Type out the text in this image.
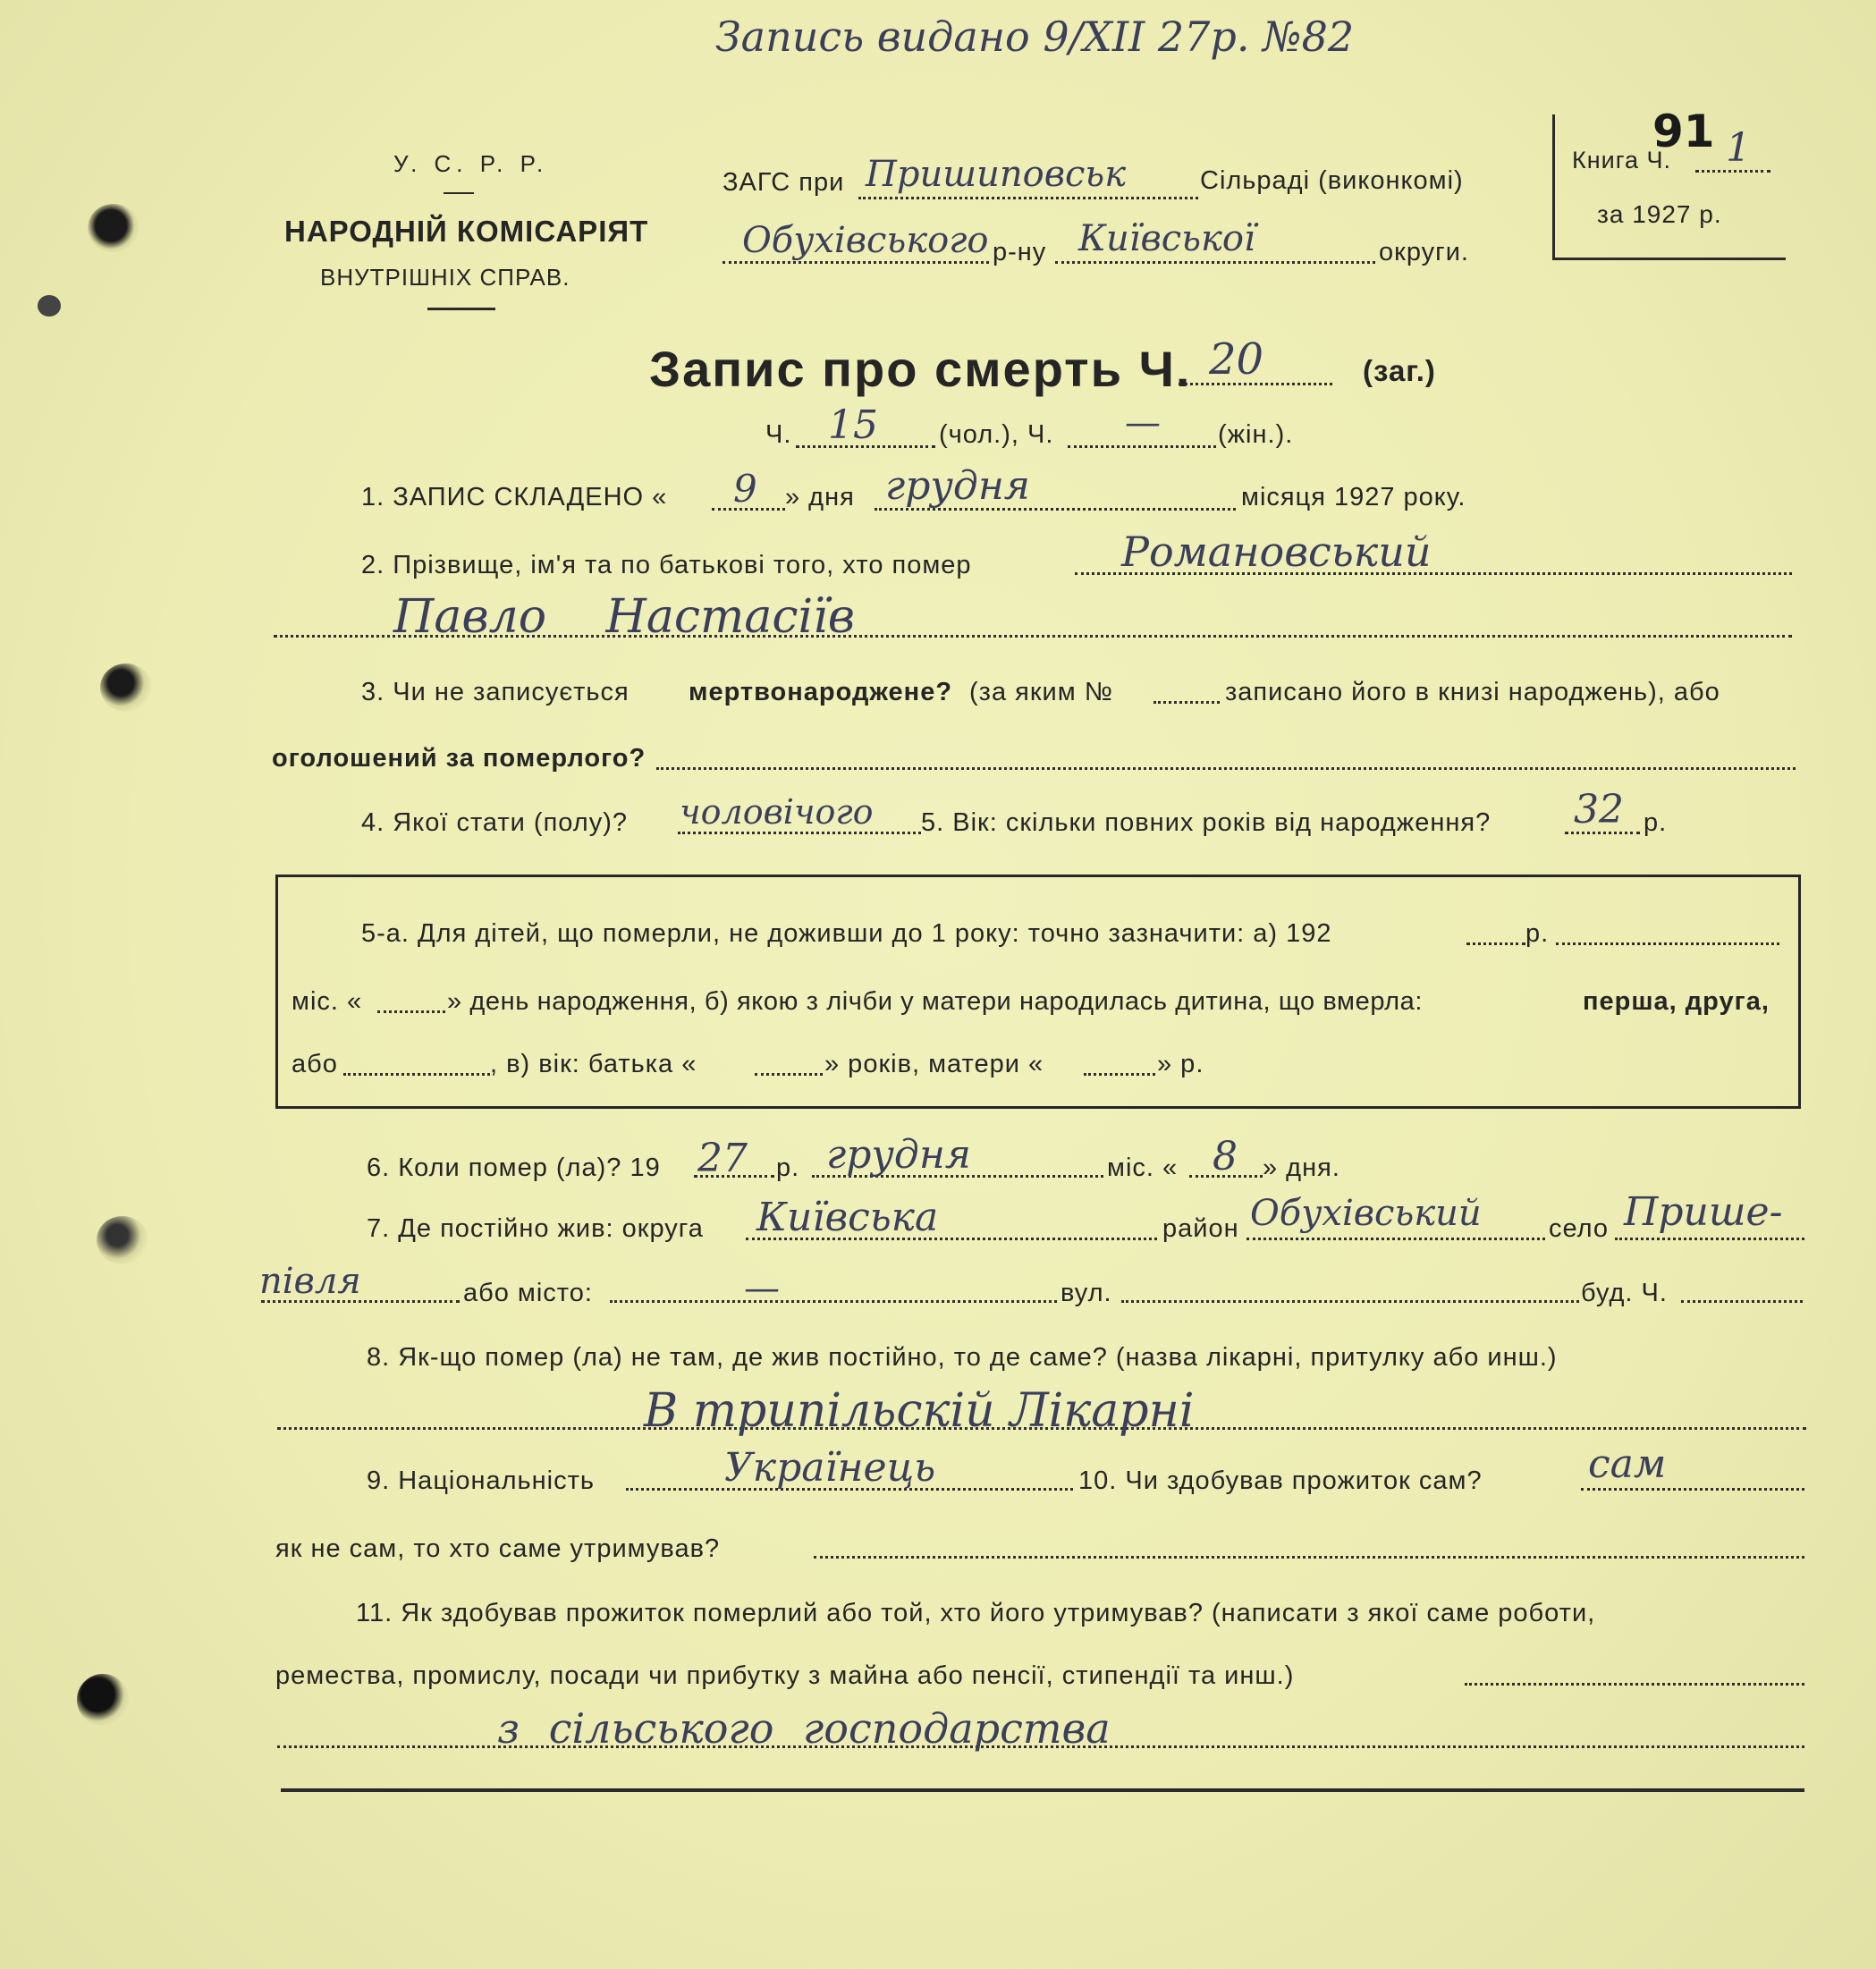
Запись видано 9/XII 27р. №82
У. С. Р. Р.
НАРОДНІЙ КОМІСАРІЯТ
ВНУТРІШНІХ СПРАВ.
ЗАГС при Пришиповськ	Сільраді (виконкомі)
Обухівського р-ну Київської	округи.
91
Книга Ч. 1
за 1927 р.
Запис про смерть Ч. 20	(заг.)
Ч. 15 (чол.), Ч. — (жін.).
1. ЗАПИС СКЛАДЕНО « 9 » дня грудня	місяця 1927 року.
2. Прізвище, ім'я та по батькові того, хто помер	Романовський
Павло Настасіїв
3. Чи не записується мертвонароджене? (за яким №	записано його в книзі народжень), або
оголошений за померлого?
4. Якої стати (полу)? чоловічого 5. Вік: скільки повних років від народження? 32 р.
5-а. Для дітей, що померли, не доживши до 1 року: точно зазначити: а) 192	р.
міс. «	» день народження, б) якою з лічби у матери народилась дитина, що вмерла:	перша, друга,
або	, в) вік: батька «	» років, матери «	» р.
6. Коли помер (ла)? 19 27 р. грудня	міс. « 8 » дня.
7. Де постійно жив: округа Київська	район Обухівський	село Прише-
півля	або місто:	—	вул.	буд. Ч.
8. Як-що помер (ла) не там, де жив постійно, то де саме? (назва лікарні, притулку або инш.)
В трипільскій Лікарні
9. Національність	Українець	10. Чи здобував прожиток сам?	сам
як не сам, то хто саме утримував?
11. Як здобував прожиток померлий або той, хто його утримував? (написати з якої саме роботи,
ремества, промислу, посади чи прибутку з майна або пенсії, стипендії та инш.)
з сільського господарства
